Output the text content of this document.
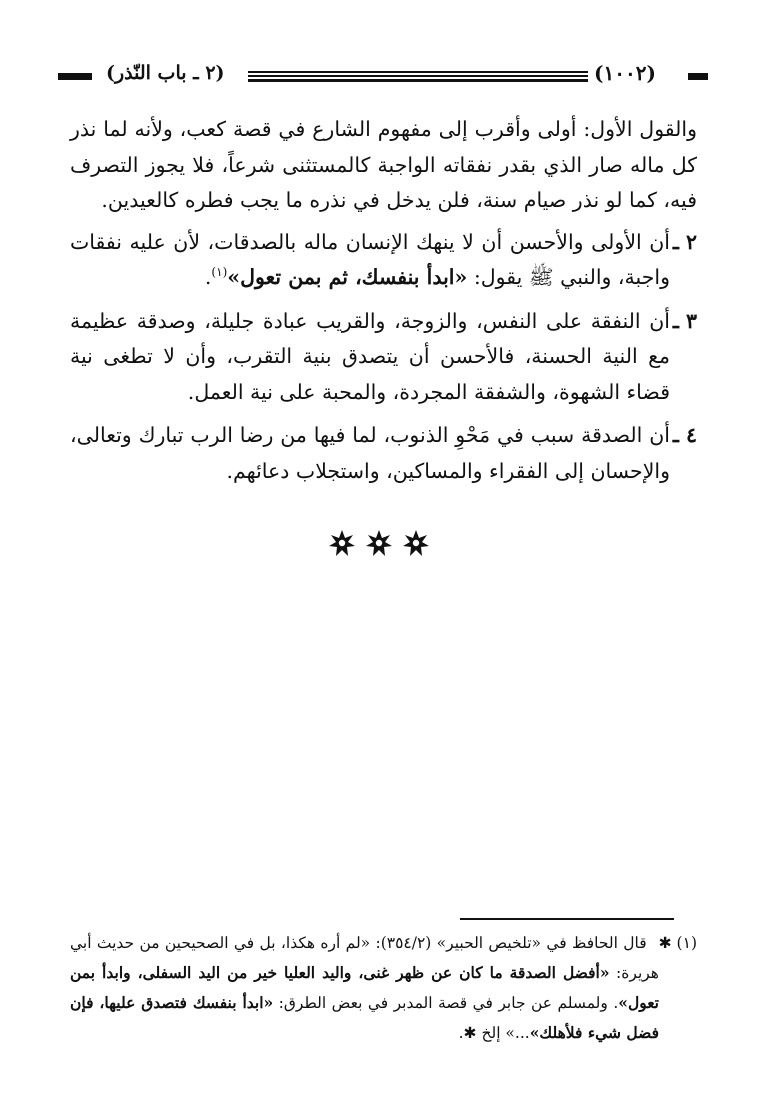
(٢ ـ باب النّذر)	(١٠٠٢)

والقول الأول: أولى وأقرب إلى مفهوم الشارع في قصة كعب، ولأنه لما نذر كل ماله صار الذي بقدر نفقاته الواجبة كالمستثنى شرعاً، فلا يجوز التصرف فيه، كما لو نذر صيام سنة، فلن يدخل في نذره ما يجب فطره كالعيدين.

٢ ـ
أن الأولى والأحسن أن لا ينهك الإنسان ماله بالصدقات، لأن عليه نفقات واجبة، والنبي ﷺ يقول: «ابدأ بنفسك، ثم بمن تعول»$^{(١)}$.
٣ ـ
أن النفقة على النفس، والزوجة، والقريب عبادة جليلة، وصدقة عظيمة مع النية الحسنة، فالأحسن أن يتصدق بنية التقرب، وأن لا تطغى نية قضاء الشهوة، والشفقة المجردة، والمحبة على نية العمل.
٤ ـ
أن الصدقة سبب في مَحْوِ الذنوب، لما فيها من رضا الرب تبارك وتعالى، والإحسان إلى الفقراء والمساكين، واستجلاب دعائهم.
(١) ✱
قال الحافظ في «تلخيص الحبير» (٣٥٤/٢): «لم أره هكذا، بل في الصحيحين من حديث أبي هريرة: «أفضل الصدقة ما كان عن ظهر غنى، واليد العليا خير من اليد السفلى، وابدأ بمن تعول». ولمسلم عن جابر في قصة المدبر في بعض الطرق: «ابدأ بنفسك فتصدق عليها، فإن فضل شيء فلأهلك»...» إلخ ✱.
